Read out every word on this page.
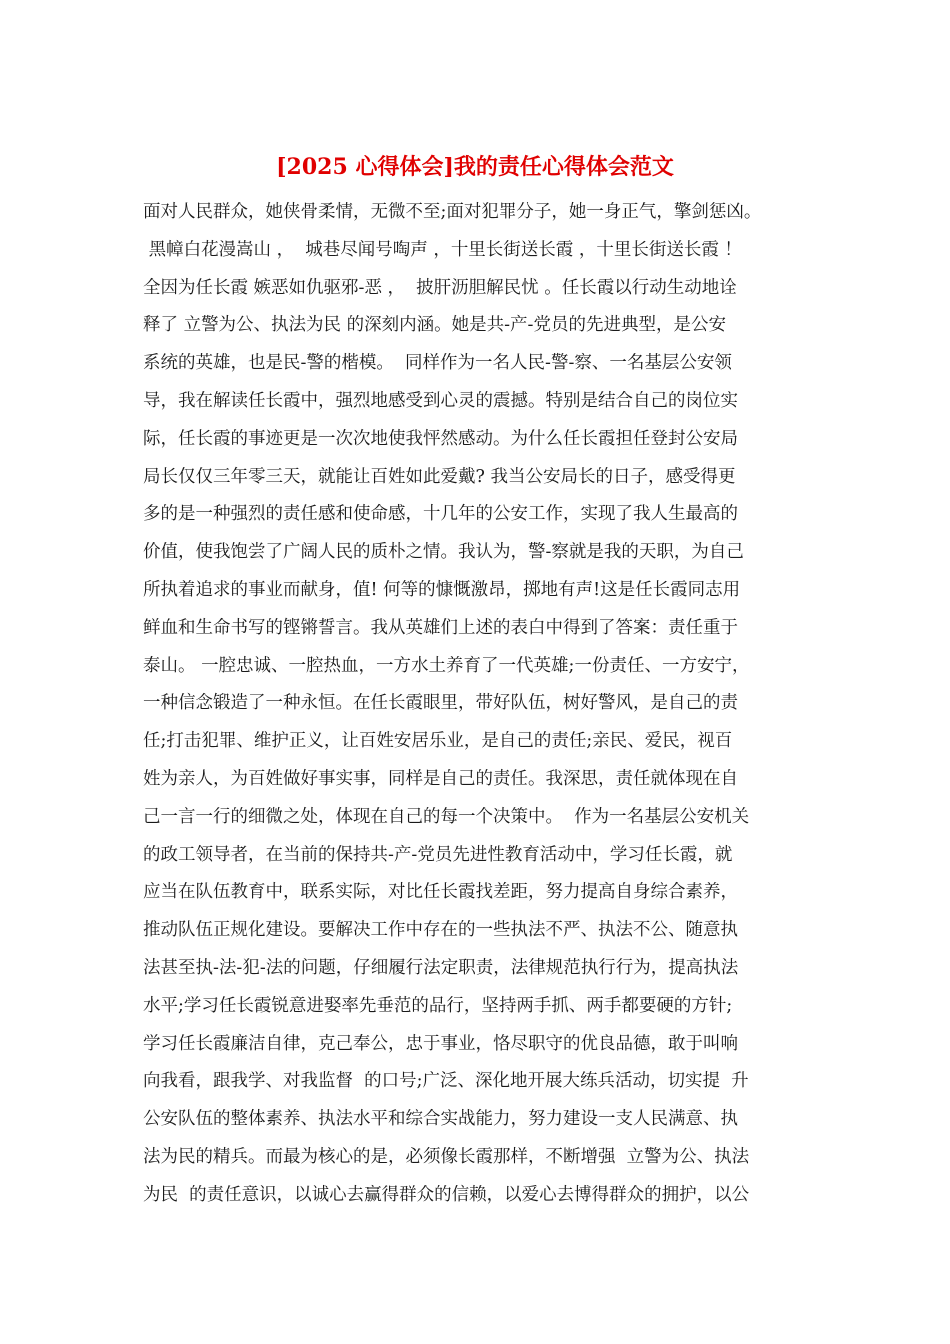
[2025 心得体会]我的责任心得体会范文
面对人民群众，她侠骨柔情，无微不至;面对犯罪分子，她一身正气，擎剑惩凶。
黑幛白花漫嵩山 ，  城巷尽闻号啕声 ，十里长街送长霞 ，十里长街送长霞 ！
全因为任长霞 嫉恶如仇驱邪-恶 ，  披肝沥胆解民忧 。任长霞以行动生动地诠
释了 立警为公、执法为民 的深刻内涵。她是共-产-党员的先进典型，是公安
系统的英雄，也是民-警的楷模。  同样作为一名人民-警-察、一名基层公安领
导，我在解读任长霞中，强烈地感受到心灵的震撼。特别是结合自己的岗位实
际，任长霞的事迹更是一次次地使我怦然感动。为什么任长霞担任登封公安局
局长仅仅三年零三天，就能让百姓如此爱戴? 我当公安局长的日子，感受得更
多的是一种强烈的责任感和使命感，十几年的公安工作，实现了我人生最高的
价值，使我饱尝了广阔人民的质朴之情。我认为，警-察就是我的天职，为自己
所执着追求的事业而献身，值! 何等的慷慨激昂，掷地有声!这是任长霞同志用
鲜血和生命书写的铿锵誓言。我从英雄们上述的表白中得到了答案：责任重于
泰山。 一腔忠诚、一腔热血，一方水土养育了一代英雄;一份责任、一方安宁，
一种信念锻造了一种永恒。在任长霞眼里，带好队伍，树好警风，是自己的责
任;打击犯罪、维护正义，让百姓安居乐业，是自己的责任;亲民、爱民，视百
姓为亲人，为百姓做好事实事，同样是自己的责任。我深思，责任就体现在自
己一言一行的细微之处，体现在自己的每一个决策中。  作为一名基层公安机关
的政工领导者，在当前的保持共-产-党员先进性教育活动中，学习任长霞，就
应当在队伍教育中，联系实际，对比任长霞找差距，努力提高自身综合素养，
推动队伍正规化建设。要解决工作中存在的一些执法不严、执法不公、随意执
法甚至执-法-犯-法的问题，仔细履行法定职责，法律规范执行行为，提高执法
水平;学习任长霞锐意进娶率先垂范的品行，坚持两手抓、两手都要硬的方针;
学习任长霞廉洁自律，克己奉公，忠于事业，恪尽职守的优良品德，敢于叫响
向我看，跟我学、对我监督  的口号;广泛、深化地开展大练兵活动，切实提  升
公安队伍的整体素养、执法水平和综合实战能力，努力建设一支人民满意、执
法为民的精兵。而最为核心的是，必须像长霞那样，不断增强  立警为公、执法
为民  的责任意识，以诚心去赢得群众的信赖，以爱心去博得群众的拥护，以公
